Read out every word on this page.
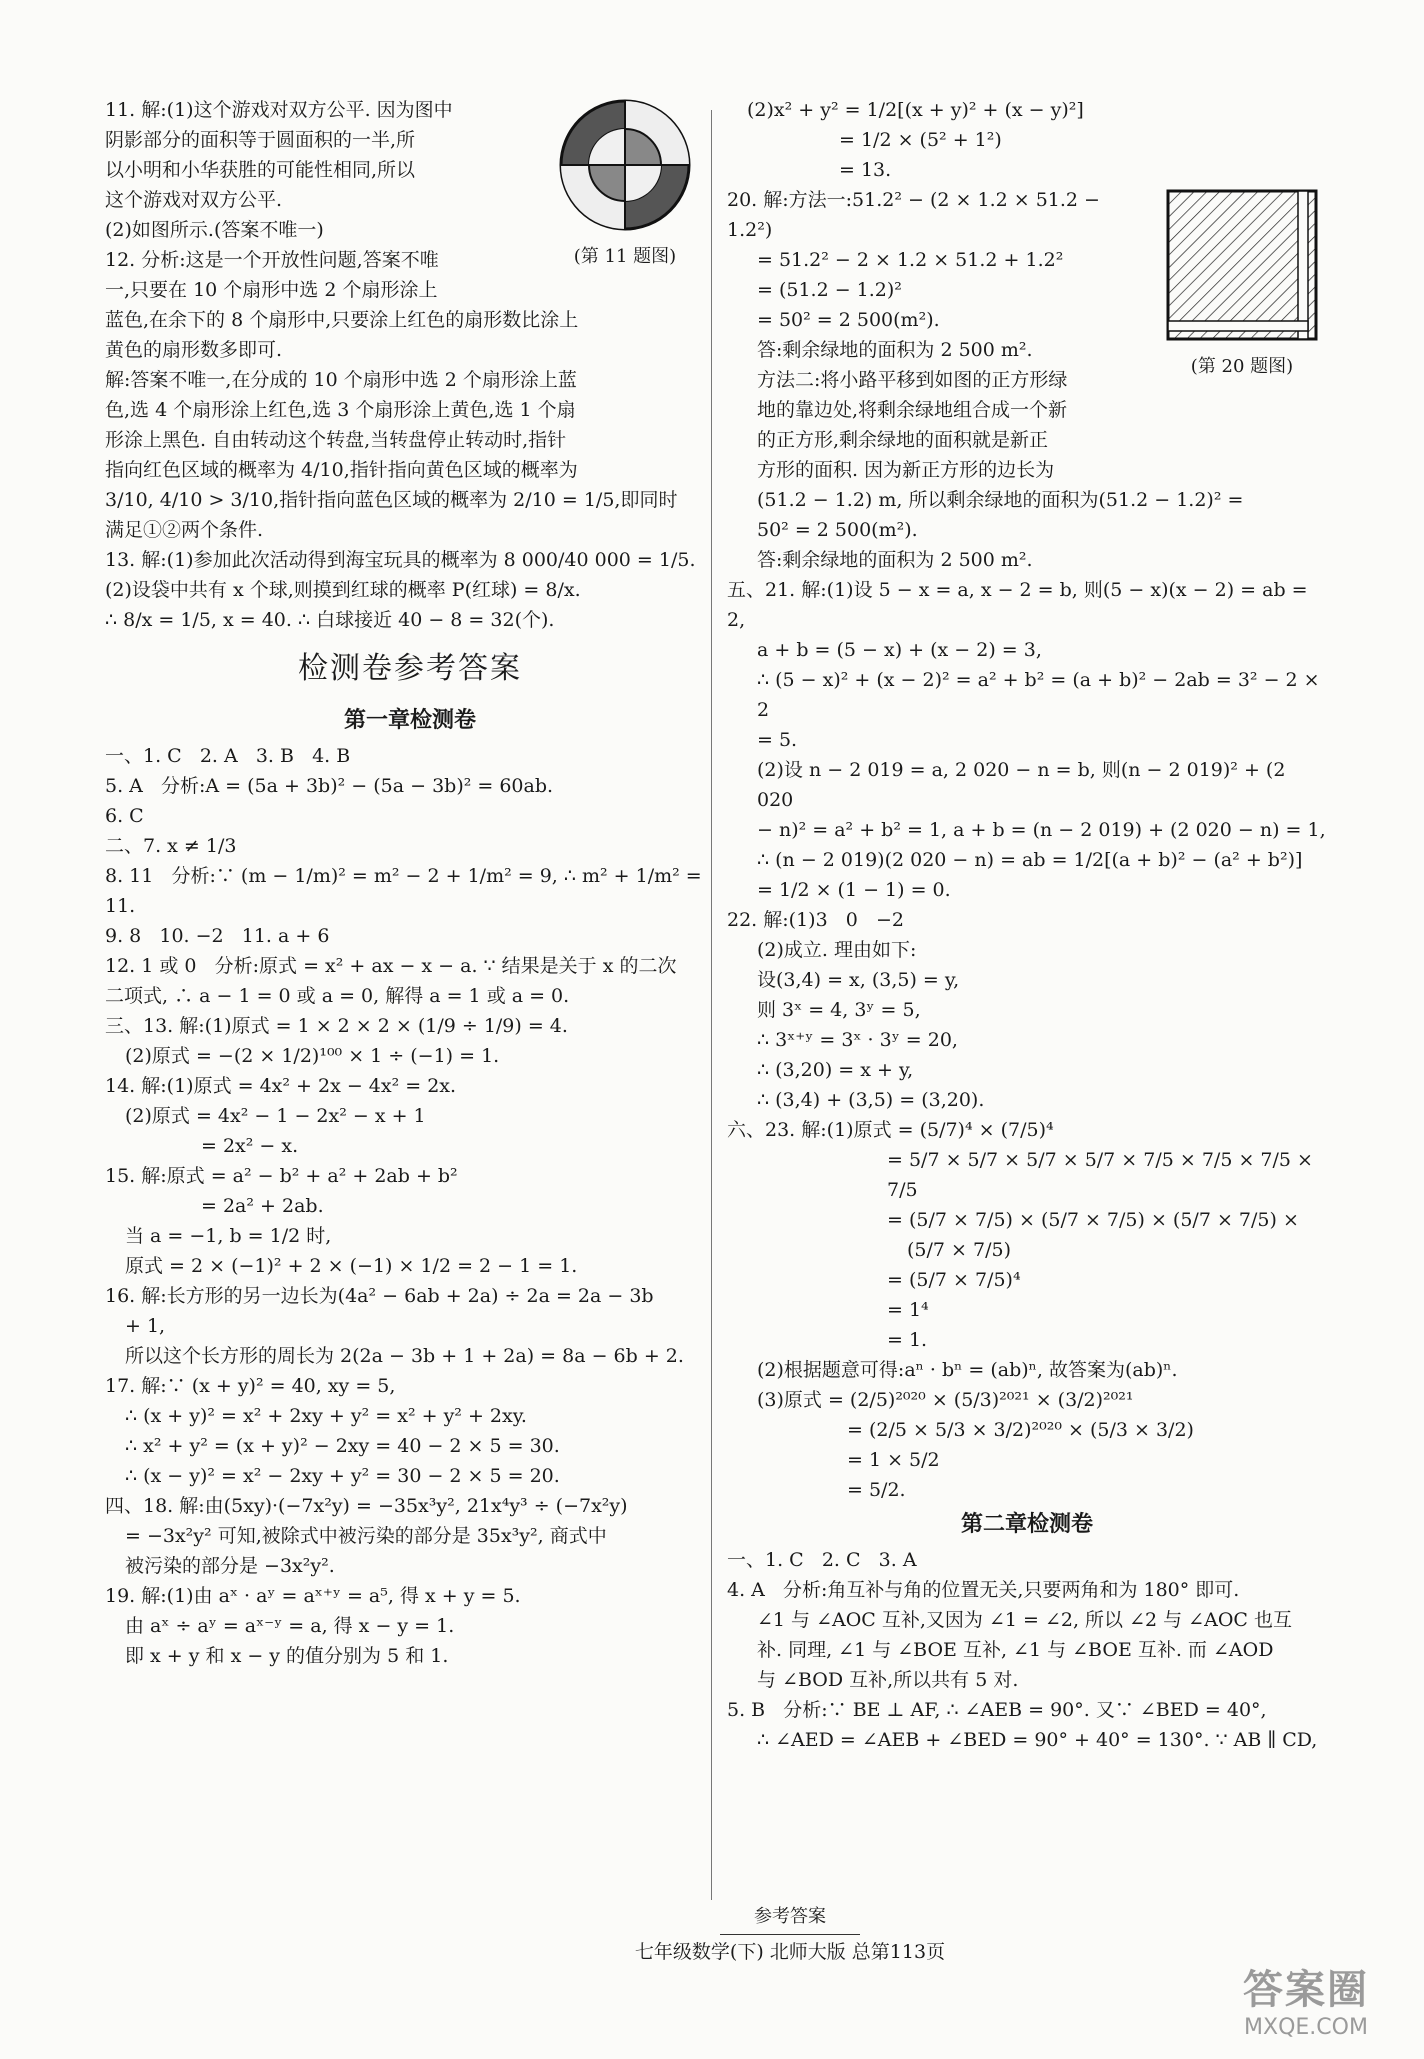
(第 11 题图)
11. 解:(1)这个游戏对双方公平. 因为图中
阴影部分的面积等于圆面积的一半,所
以小明和小华获胜的可能性相同,所以
这个游戏对双方公平.
(2)如图所示.(答案不唯一)
12. 分析:这是一个开放性问题,答案不唯
一,只要在 10 个扇形中选 2 个扇形涂上
蓝色,在余下的 8 个扇形中,只要涂上红色的扇形数比涂上
黄色的扇形数多即可.
解:答案不唯一,在分成的 10 个扇形中选 2 个扇形涂上蓝
色,选 4 个扇形涂上红色,选 3 个扇形涂上黄色,选 1 个扇
形涂上黑色. 自由转动这个转盘,当转盘停止转动时,指针
指向红色区域的概率为 4/10,指针指向黄色区域的概率为
3/10, 4/10 > 3/10,指针指向蓝色区域的概率为 2/10 = 1/5,即同时
满足①②两个条件.
13. 解:(1)参加此次活动得到海宝玩具的概率为 8 000/40 000 = 1/5.
(2)设袋中共有 x 个球,则摸到红球的概率 P(红球) = 8/x.
∴ 8/x = 1/5, x = 40. ∴ 白球接近 40 − 8 = 32(个).
检测卷参考答案
第一章检测卷
一、1. C   2. A   3. B   4. B
5. A   分析:A = (5a + 3b)² − (5a − 3b)² = 60ab.
6. C
二、7. x ≠ 1/3
8. 11   分析:∵ (m − 1/m)² = m² − 2 + 1/m² = 9, ∴ m² + 1/m² = 11.
9. 8   10. −2   11. a + 6
12. 1 或 0   分析:原式 = x² + ax − x − a. ∵ 结果是关于 x 的二次
二项式, ∴ a − 1 = 0 或 a = 0, 解得 a = 1 或 a = 0.
三、13. 解:(1)原式 = 1 × 2 × 2 × (1/9 ÷ 1/9) = 4.
(2)原式 = −(2 × 1/2)¹⁰⁰ × 1 ÷ (−1) = 1.
14. 解:(1)原式 = 4x² + 2x − 4x² = 2x.
(2)原式 = 4x² − 1 − 2x² − x + 1
= 2x² − x.
15. 解:原式 = a² − b² + a² + 2ab + b²
= 2a² + 2ab.
当 a = −1, b = 1/2 时,
原式 = 2 × (−1)² + 2 × (−1) × 1/2 = 2 − 1 = 1.
16. 解:长方形的另一边长为(4a² − 6ab + 2a) ÷ 2a = 2a − 3b
+ 1,
所以这个长方形的周长为 2(2a − 3b + 1 + 2a) = 8a − 6b + 2.
17. 解:∵ (x + y)² = 40, xy = 5,
∴ (x + y)² = x² + 2xy + y² = x² + y² + 2xy.
∴ x² + y² = (x + y)² − 2xy = 40 − 2 × 5 = 30.
∴ (x − y)² = x² − 2xy + y² = 30 − 2 × 5 = 20.
四、18. 解:由(5xy)·(−7x²y) = −35x³y², 21x⁴y³ ÷ (−7x²y)
= −3x²y² 可知,被除式中被污染的部分是 35x³y², 商式中
被污染的部分是 −3x²y².
19. 解:(1)由 aˣ · aʸ = aˣ⁺ʸ = a⁵, 得 x + y = 5.
由 aˣ ÷ aʸ = aˣ⁻ʸ = a, 得 x − y = 1.
即 x + y 和 x − y 的值分别为 5 和 1.
(2)x² + y² = 1/2[(x + y)² + (x − y)²]
= 1/2 × (5² + 1²)
= 13.
(第 20 题图)
20. 解:方法一:51.2² − (2 × 1.2 × 51.2 − 1.2²)
= 51.2² − 2 × 1.2 × 51.2 + 1.2²
= (51.2 − 1.2)²
= 50² = 2 500(m²).
答:剩余绿地的面积为 2 500 m².
方法二:将小路平移到如图的正方形绿
地的靠边处,将剩余绿地组合成一个新
的正方形,剩余绿地的面积就是新正
方形的面积. 因为新正方形的边长为
(51.2 − 1.2) m, 所以剩余绿地的面积为(51.2 − 1.2)² =
50² = 2 500(m²).
答:剩余绿地的面积为 2 500 m².
五、21. 解:(1)设 5 − x = a, x − 2 = b, 则(5 − x)(x − 2) = ab = 2,
a + b = (5 − x) + (x − 2) = 3,
∴ (5 − x)² + (x − 2)² = a² + b² = (a + b)² − 2ab = 3² − 2 × 2
= 5.
(2)设 n − 2 019 = a, 2 020 − n = b, 则(n − 2 019)² + (2 020
− n)² = a² + b² = 1, a + b = (n − 2 019) + (2 020 − n) = 1,
∴ (n − 2 019)(2 020 − n) = ab = 1/2[(a + b)² − (a² + b²)]
= 1/2 × (1 − 1) = 0.
22. 解:(1)3   0   −2
(2)成立. 理由如下:
设(3,4) = x, (3,5) = y,
则 3ˣ = 4, 3ʸ = 5,
∴ 3ˣ⁺ʸ = 3ˣ · 3ʸ = 20,
∴ (3,20) = x + y,
∴ (3,4) + (3,5) = (3,20).
六、23. 解:(1)原式 = (5/7)⁴ × (7/5)⁴
= 5/7 × 5/7 × 5/7 × 5/7 × 7/5 × 7/5 × 7/5 × 7/5
= (5/7 × 7/5) × (5/7 × 7/5) × (5/7 × 7/5) ×
(5/7 × 7/5)
= (5/7 × 7/5)⁴
= 1⁴
= 1.
(2)根据题意可得:aⁿ · bⁿ = (ab)ⁿ, 故答案为(ab)ⁿ.
(3)原式 = (2/5)²⁰²⁰ × (5/3)²⁰²¹ × (3/2)²⁰²¹
= (2/5 × 5/3 × 3/2)²⁰²⁰ × (5/3 × 3/2)
= 1 × 5/2
= 5/2.
第二章检测卷
一、1. C   2. C   3. A
4. A   分析:角互补与角的位置无关,只要两角和为 180° 即可.
∠1 与 ∠AOC 互补,又因为 ∠1 = ∠2, 所以 ∠2 与 ∠AOC 也互
补. 同理, ∠1 与 ∠BOE 互补, ∠1 与 ∠BOE 互补. 而 ∠AOD
与 ∠BOD 互补,所以共有 5 对.
5. B   分析:∵ BE ⊥ AF, ∴ ∠AEB = 90°. 又∵ ∠BED = 40°,
∴ ∠AED = ∠AEB + ∠BED = 90° + 40° = 130°. ∵ AB ∥ CD,
参考答案
七年级数学(下) 北师大版 总第113页
答案圈
MXQE.COM
